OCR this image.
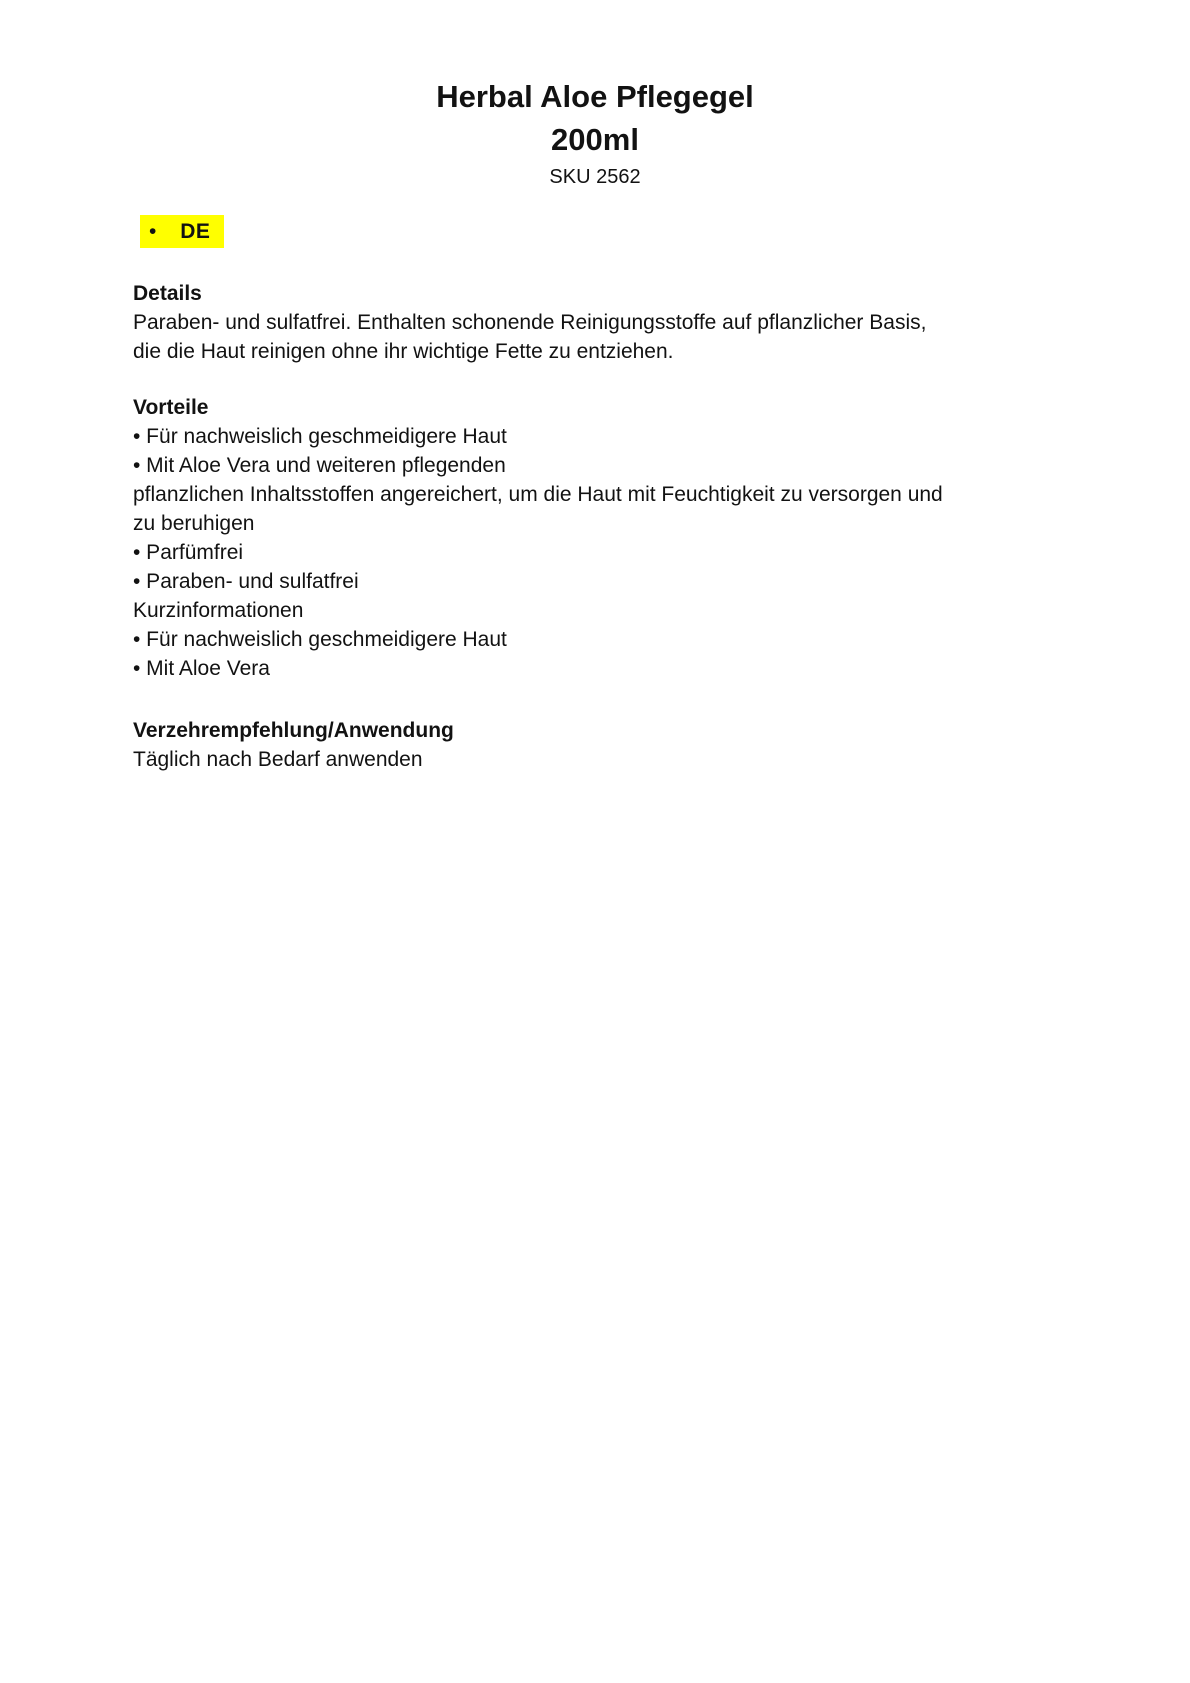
Herbal Aloe Pflegegel
200ml
SKU 2562
• DE
Details
Paraben- und sulfatfrei. Enthalten schonende Reinigungsstoffe auf pflanzlicher Basis,
die die Haut reinigen ohne ihr wichtige Fette zu entziehen.
Vorteile
• Für nachweislich geschmeidigere Haut
• Mit Aloe Vera und weiteren pflegenden
pflanzlichen Inhaltsstoffen angereichert, um die Haut mit Feuchtigkeit zu versorgen und
zu beruhigen
• Parfümfrei
• Paraben- und sulfatfrei
Kurzinformationen
• Für nachweislich geschmeidigere Haut
• Mit Aloe Vera
Verzehrempfehlung/Anwendung
Täglich nach Bedarf anwenden
